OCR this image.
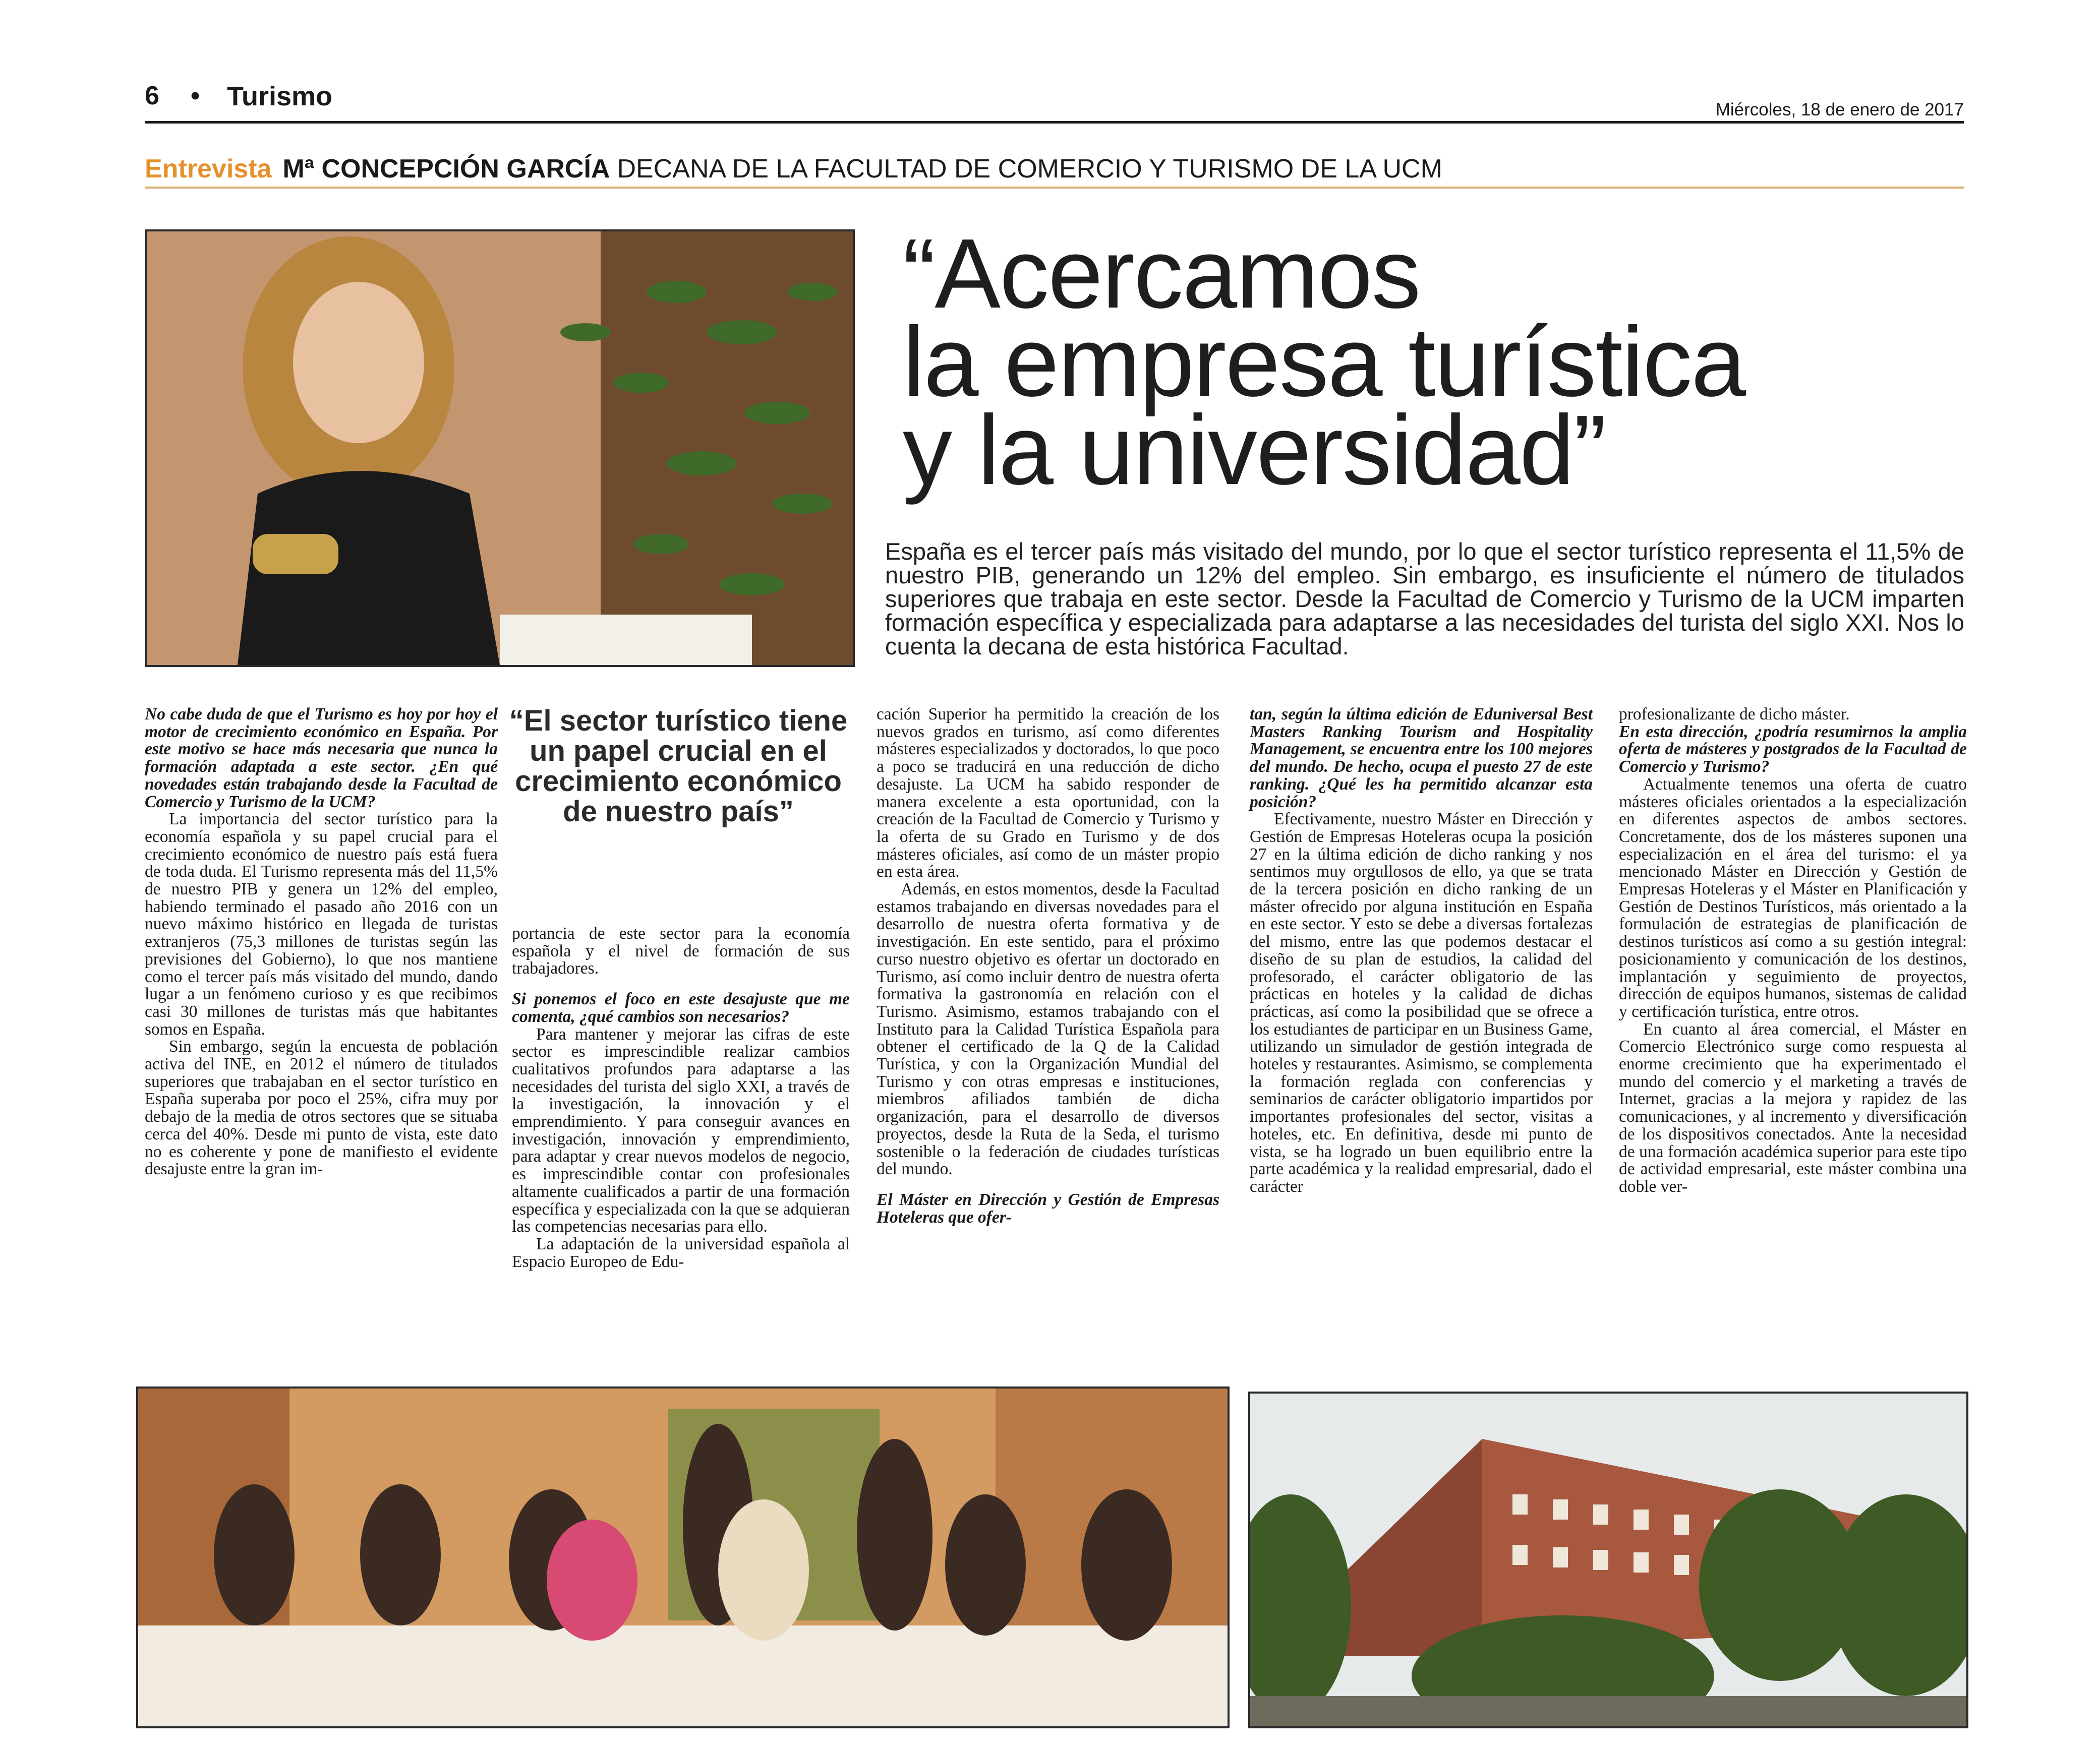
6 • Turismo	Miércoles, 18 de enero de 2017
Entrevista Mª CONCEPCIÓN GARCÍA DECANA DE LA FACULTAD DE COMERCIO Y TURISMO DE LA UCM
“Acercamos
la empresa turística
y la universidad”
España es el tercer país más visitado del mundo, por lo que el sector turístico representa el 11,5% de nuestro PIB, generando un 12% del empleo. Sin embargo, es insuficiente el número de titulados superiores que trabaja en este sector. Desde la Facultad de Comercio y Turismo de la UCM imparten formación específica y especializada para adaptarse a las necesidades del turista del siglo XXI. Nos lo cuenta la decana de esta histórica Facultad.
“El sector turístico tiene un papel crucial en el crecimiento económico de nuestro país”

No cabe duda de que el Turismo es hoy por hoy el motor de crecimiento económico en España. Por este motivo se hace más necesaria que nunca la formación adaptada a este sector. ¿En qué novedades están trabajando desde la Facultad de Comercio y Turismo de la UCM?

La importancia del sector turístico para la economía española y su papel crucial para el crecimiento económico de nuestro país está fuera de toda duda. El Turismo representa más del 11,5% de nuestro PIB y genera un 12% del empleo, habiendo terminado el pasado año 2016 con un nuevo máximo histórico en llegada de turistas extranjeros (75,3 millones de turistas según las previsiones del Gobierno), lo que nos mantiene como el tercer país más visitado del mundo, dando lugar a un fenómeno curioso y es que recibimos casi 30 millones de turistas más que habitantes somos en España.

Sin embargo, según la encuesta de población activa del INE, en 2012 el número de titulados superiores que trabajaban en el sector turístico en España superaba por poco el 25%, cifra muy por debajo de la media de otros sectores que se situaba cerca del 40%. Desde mi punto de vista, este dato no es coherente y pone de manifiesto el evidente desajuste entre la gran im-

portancia de este sector para la economía española y el nivel de formación de sus trabajadores.

Si ponemos el foco en este desajuste que me comenta, ¿qué cambios son necesarios?

Para mantener y mejorar las cifras de este sector es imprescindible realizar cambios cualitativos profundos para adaptarse a las necesidades del turista del siglo XXI, a través de la investigación, la innovación y el emprendimiento. Y para conseguir avances en investigación, innovación y emprendimiento, para adaptar y crear nuevos modelos de negocio, es imprescindible contar con profesionales altamente cualificados a partir de una formación específica y especializada con la que se adquieran las competencias necesarias para ello.

La adaptación de la universidad española al Espacio Europeo de Edu-

cación Superior ha permitido la creación de los nuevos grados en turismo, así como diferentes másteres especializados y doctorados, lo que poco a poco se traducirá en una reducción de dicho desajuste. La UCM ha sabido responder de manera excelente a esta oportunidad, con la creación de la Facultad de Comercio y Turismo y la oferta de su Grado en Turismo y de dos másteres oficiales, así como de un máster propio en esta área.

Además, en estos momentos, desde la Facultad estamos trabajando en diversas novedades para el desarrollo de nuestra oferta formativa y de investigación. En este sentido, para el próximo curso nuestro objetivo es ofertar un doctorado en Turismo, así como incluir dentro de nuestra oferta formativa la gastronomía en relación con el Turismo. Asimismo, estamos trabajando con el Instituto para la Calidad Turística Española para obtener el certificado de la Q de la Calidad Turística, y con la Organización Mundial del Turismo y con otras empresas e instituciones, miembros afiliados también de dicha organización, para el desarrollo de diversos proyectos, desde la Ruta de la Seda, el turismo sostenible o la federación de ciudades turísticas del mundo.

El Máster en Dirección y Gestión de Empresas Hoteleras que ofer-

tan, según la última edición de Eduniversal Best Masters Ranking Tourism and Hospitality Management, se encuentra entre los 100 mejores del mundo. De hecho, ocupa el puesto 27 de este ranking. ¿Qué les ha permitido alcanzar esta posición?

Efectivamente, nuestro Máster en Dirección y Gestión de Empresas Hoteleras ocupa la posición 27 en la última edición de dicho ranking y nos sentimos muy orgullosos de ello, ya que se trata de la tercera posición en dicho ranking de un máster ofrecido por alguna institución en España en este sector. Y esto se debe a diversas fortalezas del mismo, entre las que podemos destacar el diseño de su plan de estudios, la calidad del profesorado, el carácter obligatorio de las prácticas en hoteles y la calidad de dichas prácticas, así como la posibilidad que se ofrece a los estudiantes de participar en un Business Game, utilizando un simulador de gestión integrada de hoteles y restaurantes. Asimismo, se complementa la formación reglada con conferencias y seminarios de carácter obligatorio impartidos por importantes profesionales del sector, visitas a hoteles, etc. En definitiva, desde mi punto de vista, se ha logrado un buen equilibrio entre la parte académica y la realidad empresarial, dado el carácter

profesionalizante de dicho máster.

En esta dirección, ¿podría resumirnos la amplia oferta de másteres y postgrados de la Facultad de Comercio y Turismo?

Actualmente tenemos una oferta de cuatro másteres oficiales orientados a la especialización en diferentes aspectos de ambos sectores. Concretamente, dos de los másteres suponen una especialización en el área del turismo: el ya mencionado Máster en Dirección y Gestión de Empresas Hoteleras y el Máster en Planificación y Gestión de Destinos Turísticos, más orientado a la formulación de estrategias de planificación de destinos turísticos así como a su gestión integral: posicionamiento y comunicación de los destinos, implantación y seguimiento de proyectos, dirección de equipos humanos, sistemas de calidad y certificación turística, entre otros.

En cuanto al área comercial, el Máster en Comercio Electrónico surge como respuesta al enorme crecimiento que ha experimentado el mundo del comercio y el marketing a través de Internet, gracias a la mejora y rapidez de las comunicaciones, y al incremento y diversificación de los dispositivos conectados. Ante la necesidad de una formación académica superior para este tipo de actividad empresarial, este máster combina una doble ver-
